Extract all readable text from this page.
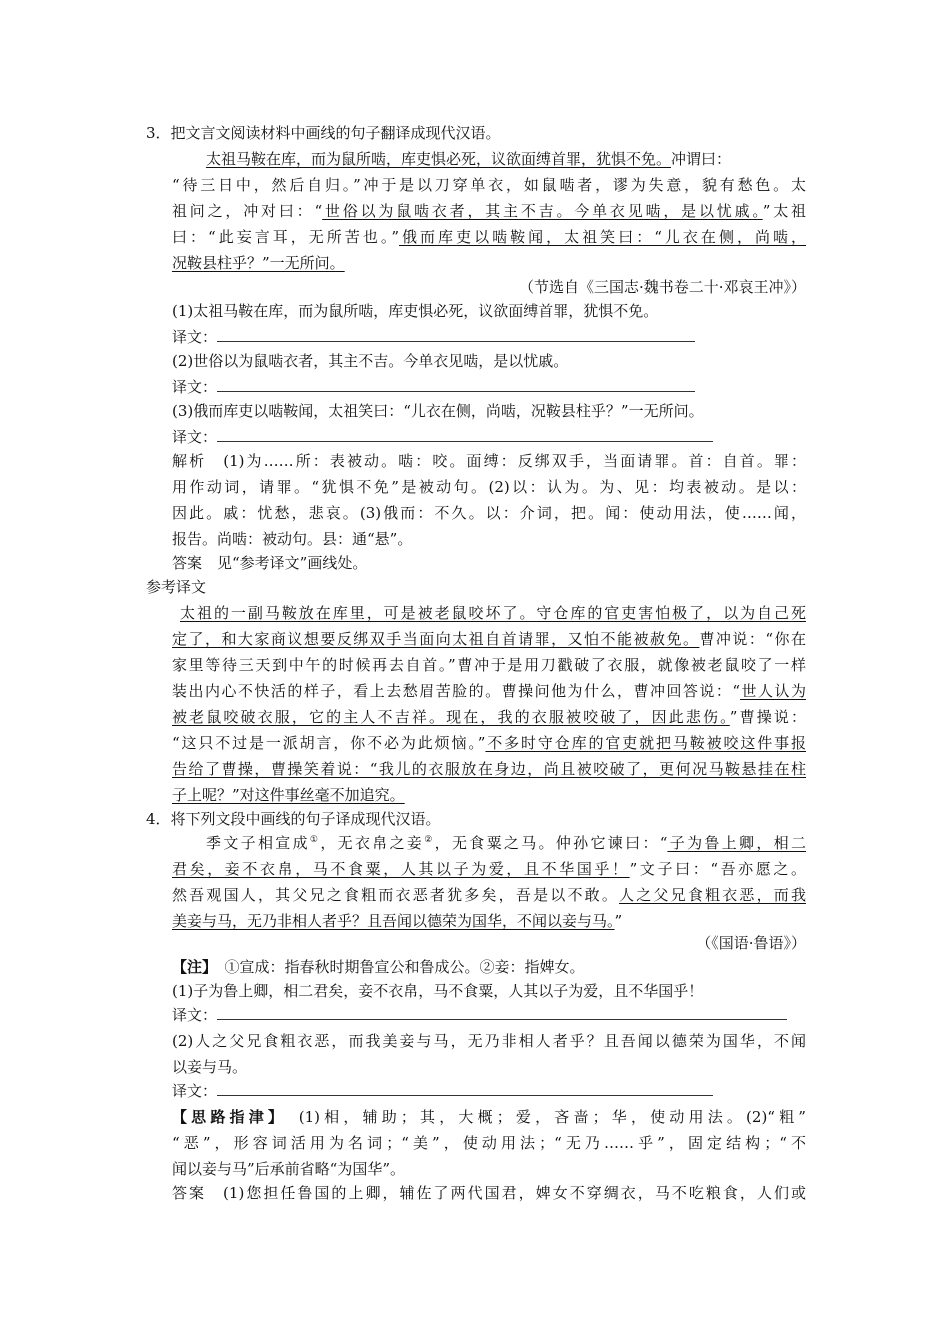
3．把文言文阅读材料中画线的句子翻译成现代汉语。
太祖马鞍在库，而为鼠所啮，库吏惧必死，议欲面缚首罪，犹惧不免。冲谓曰：
“待三日中，然后自归。”冲于是以刀穿单衣，如鼠啮者，谬为失意，貌有愁色。太
祖问之，冲对曰：“世俗以为鼠啮衣者，其主不吉。今单衣见啮，是以忧戚。”太祖
曰：“此妄言耳，无所苦也。”俄而库吏以啮鞍闻，太祖笑曰：“儿衣在侧，尚啮，
况鞍县柱乎？”一无所问。
（节选自《三国志·魏书卷二十·邓哀王冲》）
(1)太祖马鞍在库，而为鼠所啮，库吏惧必死，议欲面缚首罪，犹惧不免。
译文：
(2)世俗以为鼠啮衣者，其主不吉。今单衣见啮，是以忧戚。
译文：
(3)俄而库吏以啮鞍闻，太祖笑曰：“儿衣在侧，尚啮，况鞍县柱乎？”一无所问。
译文：
解析　(1)为……所：表被动。啮：咬。面缚：反绑双手，当面请罪。首：自首。罪：
用作动词，请罪。“犹惧不免”是被动句。(2)以：认为。为、见：均表被动。是以：
因此。戚：忧愁，悲哀。(3)俄而：不久。以：介词，把。闻：使动用法，使……闻，
报告。尚啮：被动句。县：通“悬”。
答案　见“参考译文”画线处。
参考译文
太祖的一副马鞍放在库里，可是被老鼠咬坏了。守仓库的官吏害怕极了，以为自己死
定了，和大家商议想要反绑双手当面向太祖自首请罪，又怕不能被赦免。曹冲说：“你在
家里等待三天到中午的时候再去自首。”曹冲于是用刀戳破了衣服，就像被老鼠咬了一样
装出内心不快活的样子，看上去愁眉苦脸的。曹操问他为什么，曹冲回答说：“世人认为
被老鼠咬破衣服，它的主人不吉祥。现在，我的衣服被咬破了，因此悲伤。”曹操说：
“这只不过是一派胡言，你不必为此烦恼。”不多时守仓库的官吏就把马鞍被咬这件事报
告给了曹操，曹操笑着说：“我儿的衣服放在身边，尚且被咬破了，更何况马鞍悬挂在柱
子上呢？”对这件事丝毫不加追究。
4．将下列文段中画线的句子译成现代汉语。
季文子相宣成①，无衣帛之妾②，无食粟之马。仲孙它谏曰：“子为鲁上卿，相二
君矣，妾不衣帛，马不食粟，人其以子为爱，且不华国乎！”文子曰：“吾亦愿之。
然吾观国人，其父兄之食粗而衣恶者犹多矣，吾是以不敢。人之父兄食粗衣恶，而我
美妾与马，无乃非相人者乎？且吾闻以德荣为国华，不闻以妾与马。”
（《国语·鲁语》）
【注】　①宣成：指春秋时期鲁宣公和鲁成公。②妾：指婢女。
(1)子为鲁上卿，相二君矣，妾不衣帛，马不食粟，人其以子为爱，且不华国乎！
译文：
(2)人之父兄食粗衣恶，而我美妾与马，无乃非相人者乎？且吾闻以德荣为国华，不闻
以妾与马。
译文：
【思路指津】　(1)相，辅助；其，大概；爱，吝啬；华，使动用法。(2)“粗”
“恶”，形容词活用为名词；“美”，使动用法；“无乃……乎”，固定结构；“不
闻以妾与马”后承前省略“为国华”。
答案　(1)您担任鲁国的上卿，辅佐了两代国君，婢女不穿绸衣，马不吃粮食，人们或
